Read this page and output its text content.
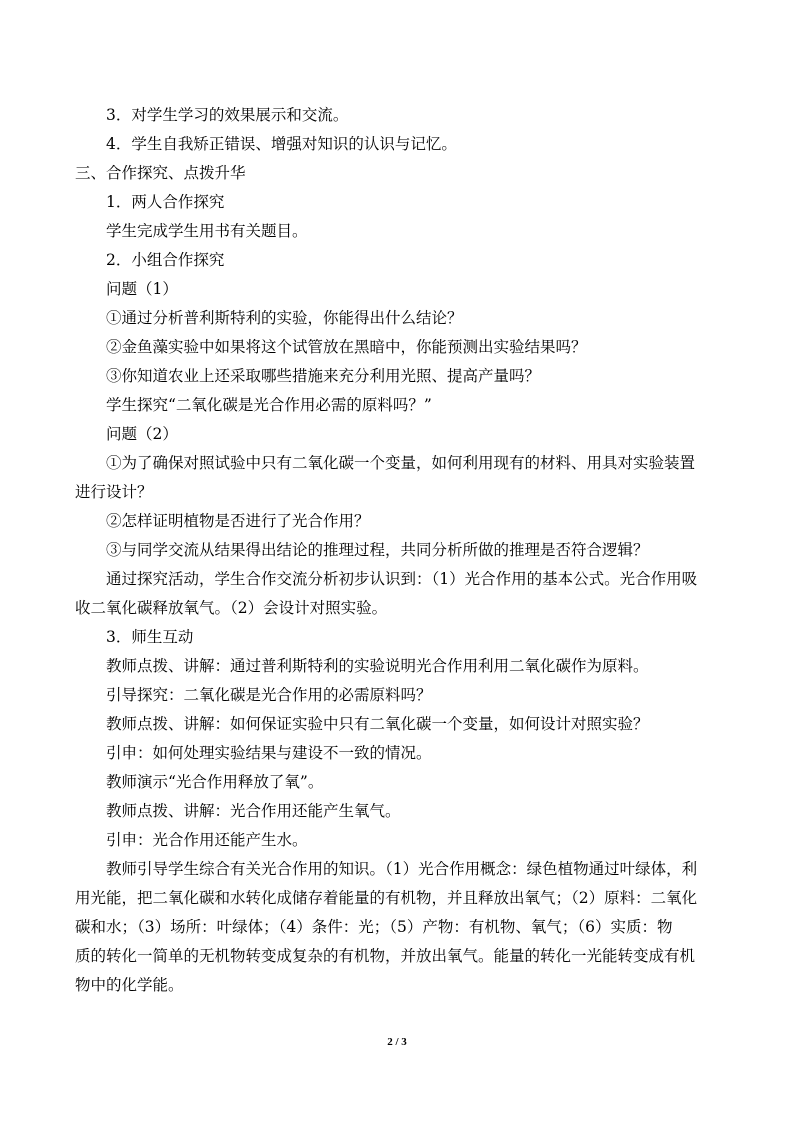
3．对学生学习的效果展示和交流。
4．学生自我矫正错误、增强对知识的认识与记忆。
三、合作探究、点拨升华
1．两人合作探究
学生完成学生用书有关题目。
2．小组合作探究
问题（1）
①通过分析普利斯特利的实验，你能得出什么结论？
②金鱼藻实验中如果将这个试管放在黑暗中，你能预测出实验结果吗？
③你知道农业上还采取哪些措施来充分利用光照、提高产量吗？
学生探究“二氧化碳是光合作用必需的原料吗？”
问题（2）
①为了确保对照试验中只有二氧化碳一个变量，如何利用现有的材料、用具对实验装置
进行设计？
②怎样证明植物是否进行了光合作用？
③与同学交流从结果得出结论的推理过程，共同分析所做的推理是否符合逻辑？
通过探究活动，学生合作交流分析初步认识到：（1）光合作用的基本公式。光合作用吸
收二氧化碳释放氧气。（2）会设计对照实验。
3．师生互动
教师点拨、讲解：通过普利斯特利的实验说明光合作用利用二氧化碳作为原料。
引导探究：二氧化碳是光合作用的必需原料吗？
教师点拨、讲解：如何保证实验中只有二氧化碳一个变量，如何设计对照实验？
引申：如何处理实验结果与建设不一致的情况。
教师演示“光合作用释放了氧”。
教师点拨、讲解：光合作用还能产生氧气。
引申：光合作用还能产生水。
教师引导学生综合有关光合作用的知识。（1）光合作用概念：绿色植物通过叶绿体，利
用光能，把二氧化碳和水转化成储存着能量的有机物，并且释放出氧气；（2）原料：二氧化
碳和水；（3）场所：叶绿体；（4）条件：光；（5）产物：有机物、氧气；（6）实质：物
质的转化一简单的无机物转变成复杂的有机物，并放出氧气。能量的转化一光能转变成有机
物中的化学能。
2 / 3
